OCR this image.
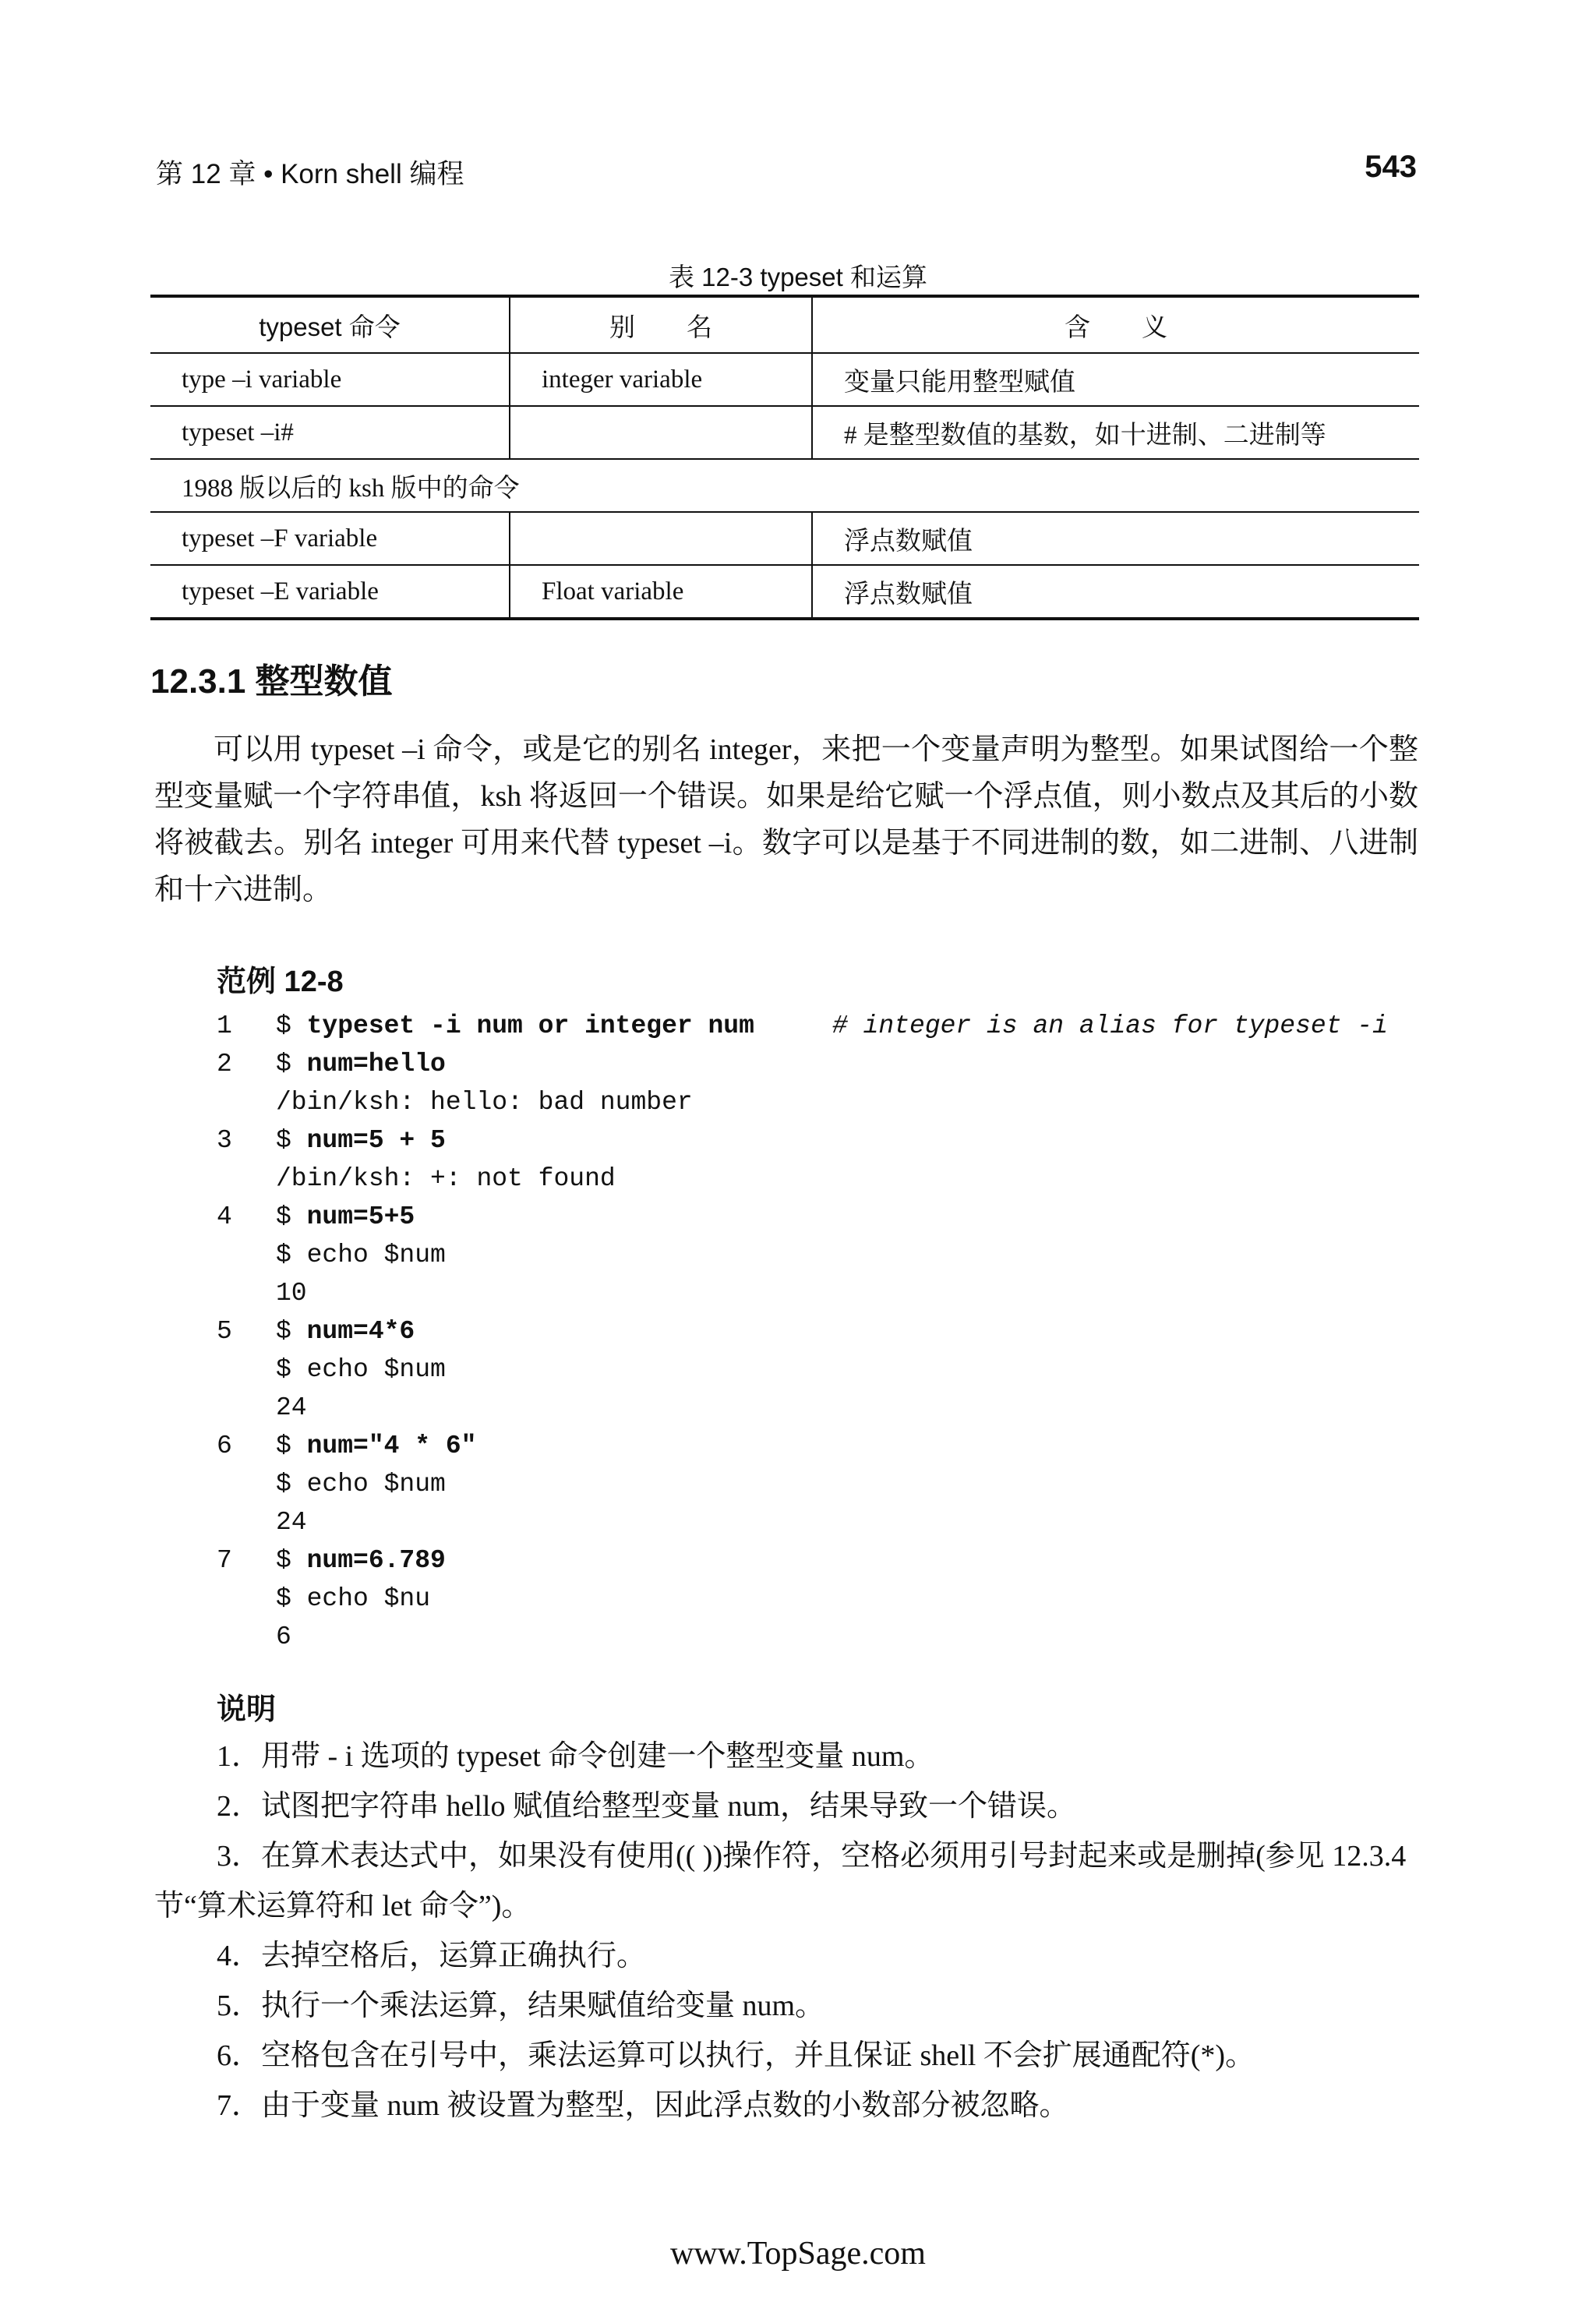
第 12 章 • Korn shell 编程	543
表 12-3 typeset 和运算
typeset 命令	别　　名	含　　义
type –i variable	integer variable	变量只能用整型赋值
typeset –i#		# 是整型数值的基数，如十进制、二进制等
1988 版以后的 ksh 版中的命令		
typeset –F variable		浮点数赋值
typeset –E variable	Float variable	浮点数赋值
12.3.1 整型数值
可以用 typeset –i 命令，或是它的别名 integer，来把一个变量声明为整型。如果试图给一个整型变量赋一个字符串值，ksh 将返回一个错误。如果是给它赋一个浮点值，则小数点及其后的小数将被截去。别名 integer 可用来代替 typeset –i。数字可以是基于不同进制的数，如二进制、八进制和十六进制。
范例 12-8
1	$ typeset -i num or integer num	# integer is an alias for typeset -i
2	$ num=hello
/bin/ksh: hello: bad number
3	$ num=5 + 5
/bin/ksh: +: not found
4	$ num=5+5
$ echo $num
10
5	$ num=4*6
$ echo $num
24
6	$ num="4 * 6"
$ echo $num
24
7	$ num=6.789
$ echo $nu
6
说明
1．用带 - i 选项的 typeset 命令创建一个整型变量 num。
2．试图把字符串 hello 赋值给整型变量 num，结果导致一个错误。
3．在算术表达式中，如果没有使用(( ))操作符，空格必须用引号封起来或是删掉(参见 12.3.4 节“算术运算符和 let 命令”)。
4．去掉空格后，运算正确执行。
5．执行一个乘法运算，结果赋值给变量 num。
6．空格包含在引号中，乘法运算可以执行，并且保证 shell 不会扩展通配符(*)。
7．由于变量 num 被设置为整型，因此浮点数的小数部分被忽略。
www.TopSage.com
